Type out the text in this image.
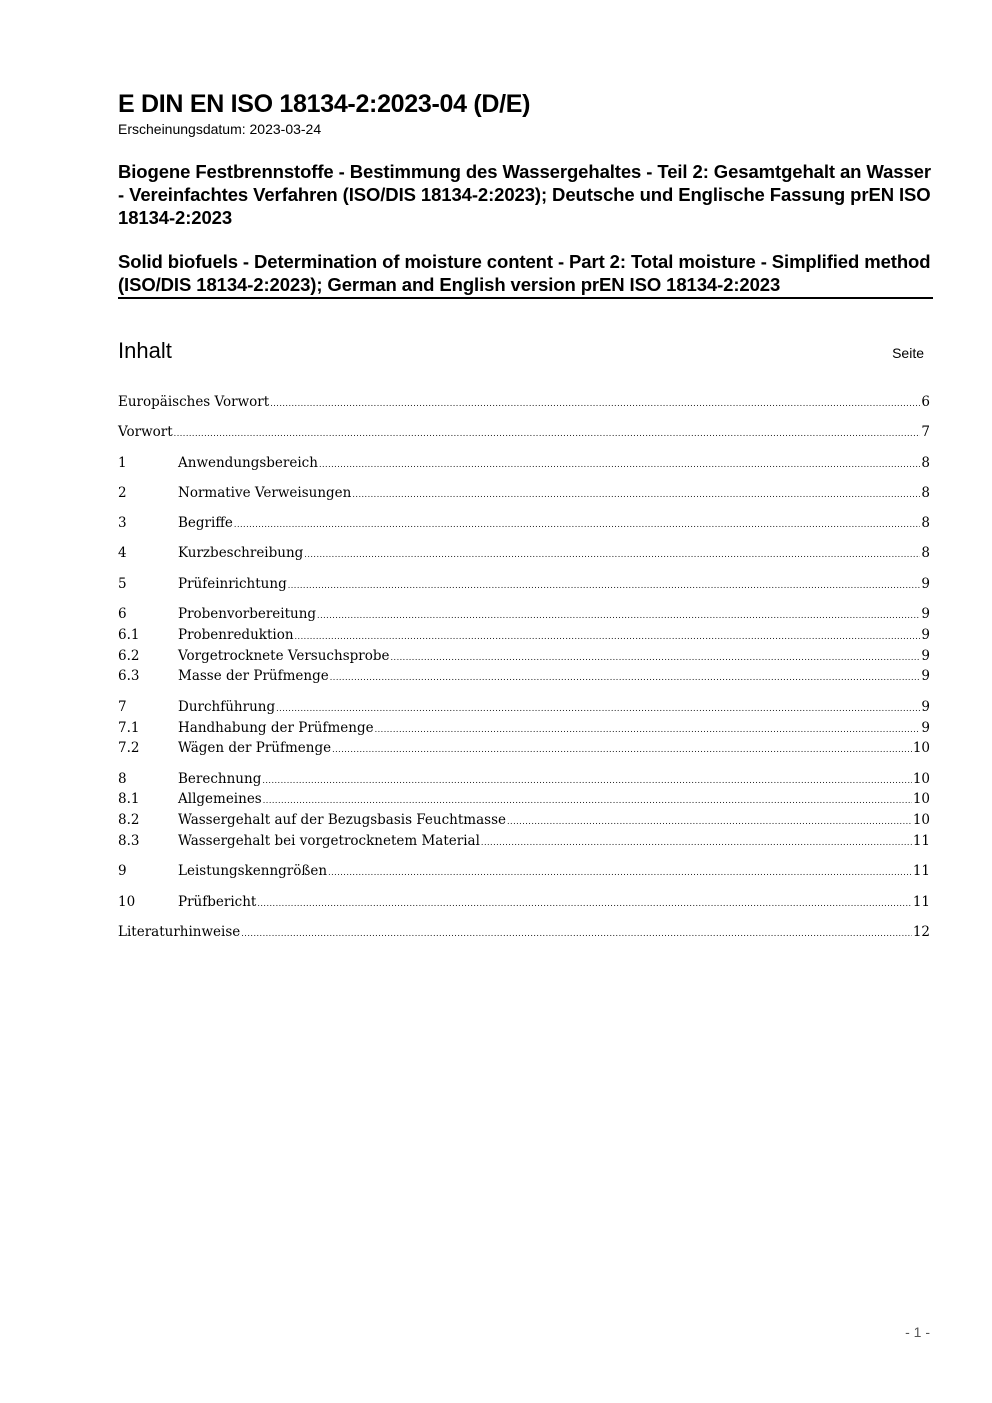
E DIN EN ISO 18134-2:2023-04 (D/E)

Erscheinungsdatum: 2023-03-24

Biogene Festbrennstoffe - Bestimmung des Wassergehaltes - Teil 2: Gesamtgehalt an Wasser - Vereinfachtes Verfahren (ISO/DIS 18134-2:2023); Deutsche und Englische Fassung prEN ISO 18134-2:2023

Solid biofuels - Determination of moisture content - Part 2: Total moisture - Simplified method (ISO/DIS 18134-2:2023); German and English version prEN ISO 18134-2:2023

Inhalt	Seite
Europäisches Vorwort .....	6
Vorwort .....	7
1	Anwendungsbereich .....	8
2	Normative Verweisungen .....	8
3	Begriffe .....	8
4	Kurzbeschreibung .....	8
5	Prüfeinrichtung .....	9
6	Probenvorbereitung .....	9
6.1	Probenreduktion .....	9
6.2	Vorgetrocknete Versuchsprobe .....	9
6.3	Masse der Prüfmenge .....	9
7	Durchführung .....	9
7.1	Handhabung der Prüfmenge .....	9
7.2	Wägen der Prüfmenge .....	10
8	Berechnung .....	10
8.1	Allgemeines .....	10
8.2	Wassergehalt auf der Bezugsbasis Feuchtmasse .....	10
8.3	Wassergehalt bei vorgetrocknetem Material .....	11
9	Leistungskenngrößen .....	11
10	Prüfbericht .....	11
Literaturhinweise .....	12
- 1 -
